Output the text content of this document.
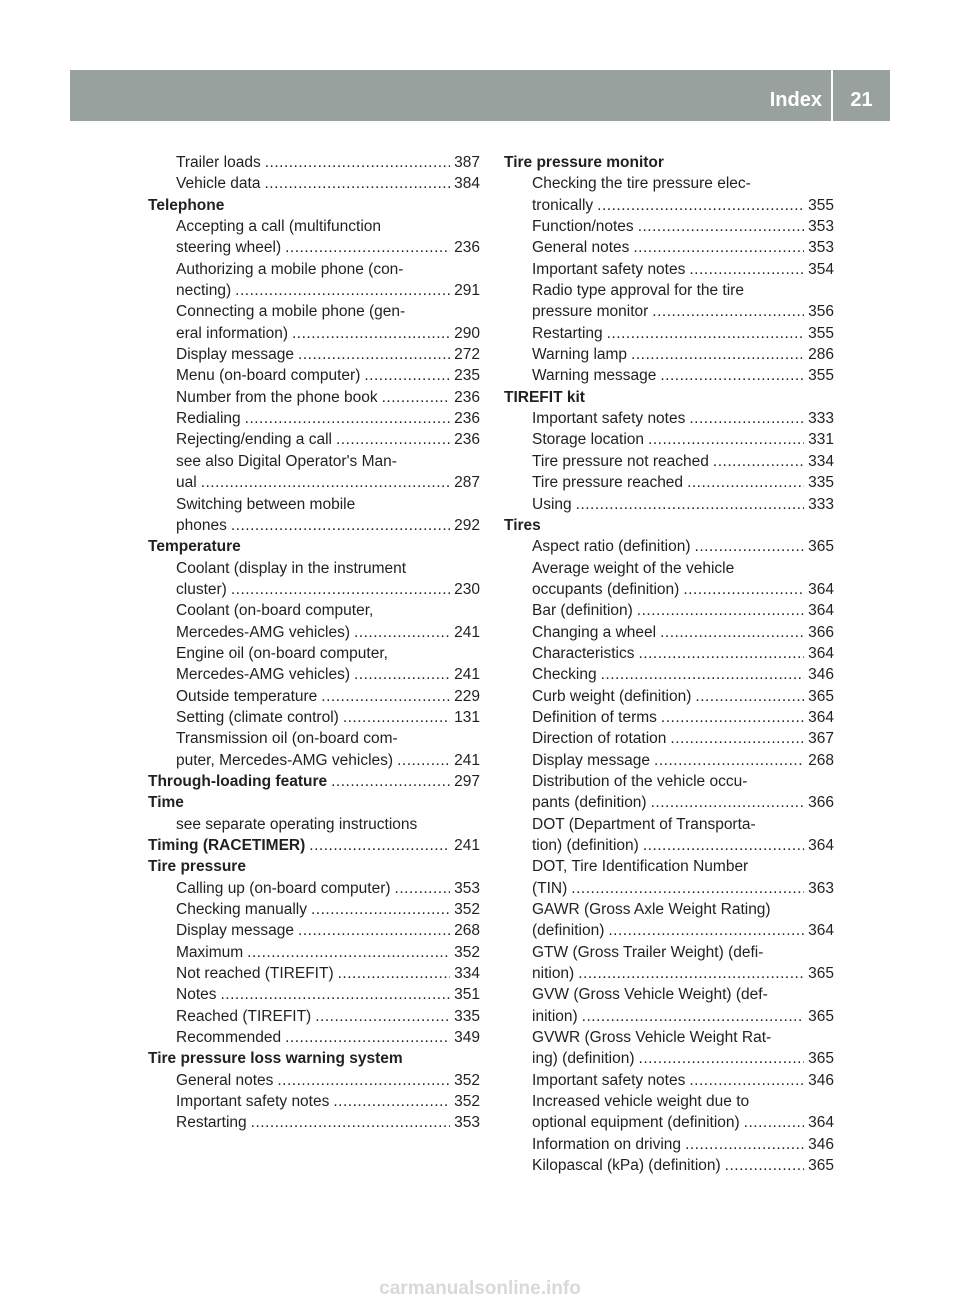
Index	21
Trailer loads .....	387
Vehicle data .....	384
Telephone
Accepting a call (multifunction
steering wheel) .....	236
Authorizing a mobile phone (con-
necting) .....	291
Connecting a mobile phone (gen-
eral information) .....	290
Display message .....	272
Menu (on-board computer) .....	235
Number from the phone book .....	236
Redialing .....	236
Rejecting/ending a call .....	236
see also Digital Operator's Man-
ual .....	287
Switching between mobile
phones .....	292
Temperature
Coolant (display in the instrument
cluster) .....	230
Coolant (on-board computer,
Mercedes-AMG vehicles) .....	241
Engine oil (on-board computer,
Mercedes-AMG vehicles) .....	241
Outside temperature .....	229
Setting (climate control) .....	131
Transmission oil (on-board com-
puter, Mercedes-AMG vehicles) .....	241
Through-loading feature .....	297
Time
see separate operating instructions
Timing (RACETIMER) .....	241
Tire pressure
Calling up (on-board computer) .....	353
Checking manually .....	352
Display message .....	268
Maximum .....	352
Not reached (TIREFIT) .....	334
Notes .....	351
Reached (TIREFIT) .....	335
Recommended .....	349
Tire pressure loss warning system
General notes .....	352
Important safety notes .....	352
Restarting .....	353
Tire pressure monitor
Checking the tire pressure elec-
tronically .....	355
Function/notes .....	353
General notes .....	353
Important safety notes .....	354
Radio type approval for the tire
pressure monitor .....	356
Restarting .....	355
Warning lamp .....	286
Warning message .....	355
TIREFIT kit
Important safety notes .....	333
Storage location .....	331
Tire pressure not reached .....	334
Tire pressure reached .....	335
Using .....	333
Tires
Aspect ratio (definition) .....	365
Average weight of the vehicle
occupants (definition) .....	364
Bar (definition) .....	364
Changing a wheel .....	366
Characteristics .....	364
Checking .....	346
Curb weight (definition) .....	365
Definition of terms .....	364
Direction of rotation .....	367
Display message .....	268
Distribution of the vehicle occu-
pants (definition) .....	366
DOT (Department of Transporta-
tion) (definition) .....	364
DOT, Tire Identification Number
(TIN) .....	363
GAWR (Gross Axle Weight Rating)
(definition) .....	364
GTW (Gross Trailer Weight) (defi-
nition) .....	365
GVW (Gross Vehicle Weight) (def-
inition) .....	365
GVWR (Gross Vehicle Weight Rat-
ing) (definition) .....	365
Important safety notes .....	346
Increased vehicle weight due to
optional equipment (definition) .....	364
Information on driving .....	346
Kilopascal (kPa) (definition) .....	365
carmanualsonline.info
